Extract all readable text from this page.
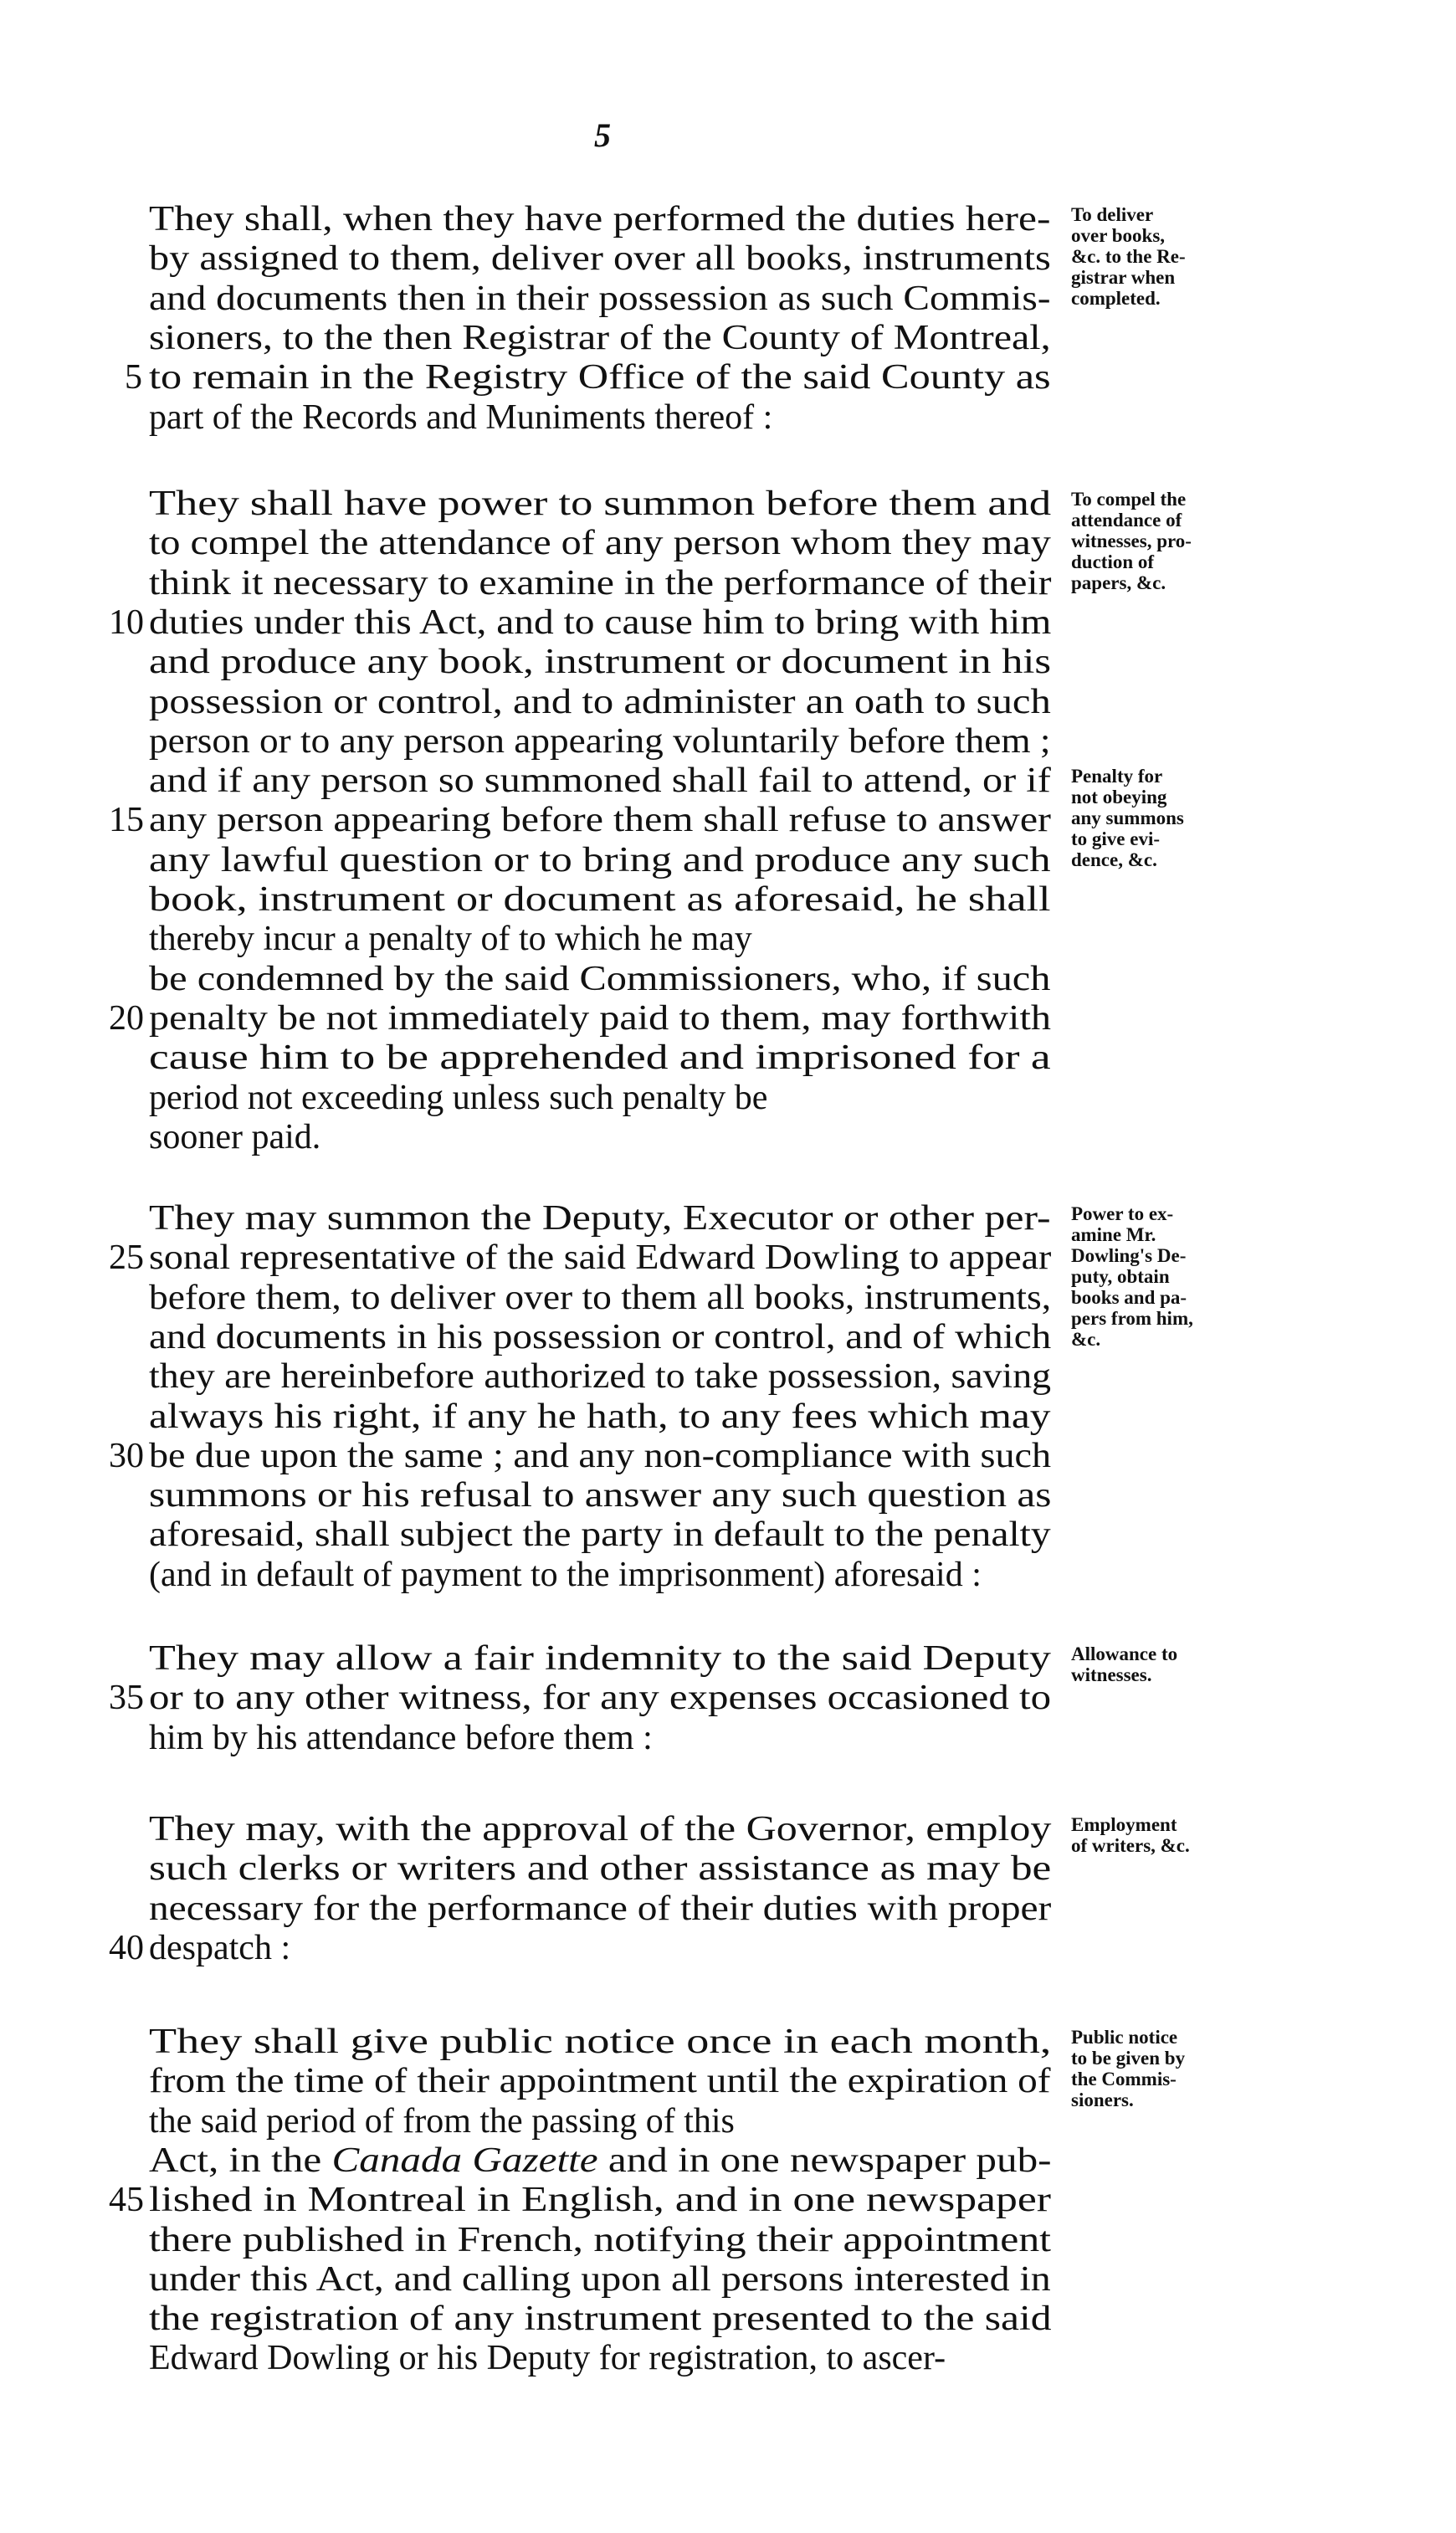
5
They shall, when they have performed the duties here-
by assigned to them, deliver over all books, instruments
and documents then in their possession as such Commis-
sioners, to the then Registrar of the County of Montreal,
5 to remain in the Registry Office of the said County as
part of the Records and Muniments thereof :
To deliver
over books,
&c. to the Re-
gistrar when
completed.
They shall have power to summon before them and
to compel the attendance of any person whom they may
think it necessary to examine in the performance of their
10 duties under this Act, and to cause him to bring with him
and produce any book, instrument or document in his
possession or control, and to administer an oath to such
person or to any person appearing voluntarily before them ;
and if any person so summoned shall fail to attend, or if
15 any person appearing before them shall refuse to answer
any lawful question or to bring and produce any such
book, instrument or document as aforesaid, he shall
thereby incur a penalty of to which he may
be condemned by the said Commissioners, who, if such
20 penalty be not immediately paid to them, may forthwith
cause him to be apprehended and imprisoned for a
period not exceeding unless such penalty be
sooner paid.
To compel the
attendance of
witnesses, pro-
duction of
papers, &c.
Penalty for
not obeying
any summons
to give evi-
dence, &c.
They may summon the Deputy, Executor or other per-
25 sonal representative of the said Edward Dowling to appear
before them, to deliver over to them all books, instruments,
and documents in his possession or control, and of which
they are hereinbefore authorized to take possession, saving
always his right, if any he hath, to any fees which may
30 be due upon the same ; and any non-compliance with such
summons or his refusal to answer any such question as
aforesaid, shall subject the party in default to the penalty
(and in default of payment to the imprisonment) aforesaid :
Power to ex-
amine Mr.
Dowling's De-
puty, obtain
books and pa-
pers from him,
&c.
They may allow a fair indemnity to the said Deputy
35 or to any other witness, for any expenses occasioned to
him by his attendance before them :
Allowance to
witnesses.
They may, with the approval of the Governor, employ
such clerks or writers and other assistance as may be
necessary for the performance of their duties with proper
40 despatch :
Employment
of writers, &c.
They shall give public notice once in each month,
from the time of their appointment until the expiration of
the said period of from the passing of this
Act, in the Canada Gazette and in one newspaper pub-
45 lished in Montreal in English, and in one newspaper
there published in French, notifying their appointment
under this Act, and calling upon all persons interested in
the registration of any instrument presented to the said
Edward Dowling or his Deputy for registration, to ascer-
Public notice
to be given by
the Commis-
sioners.
